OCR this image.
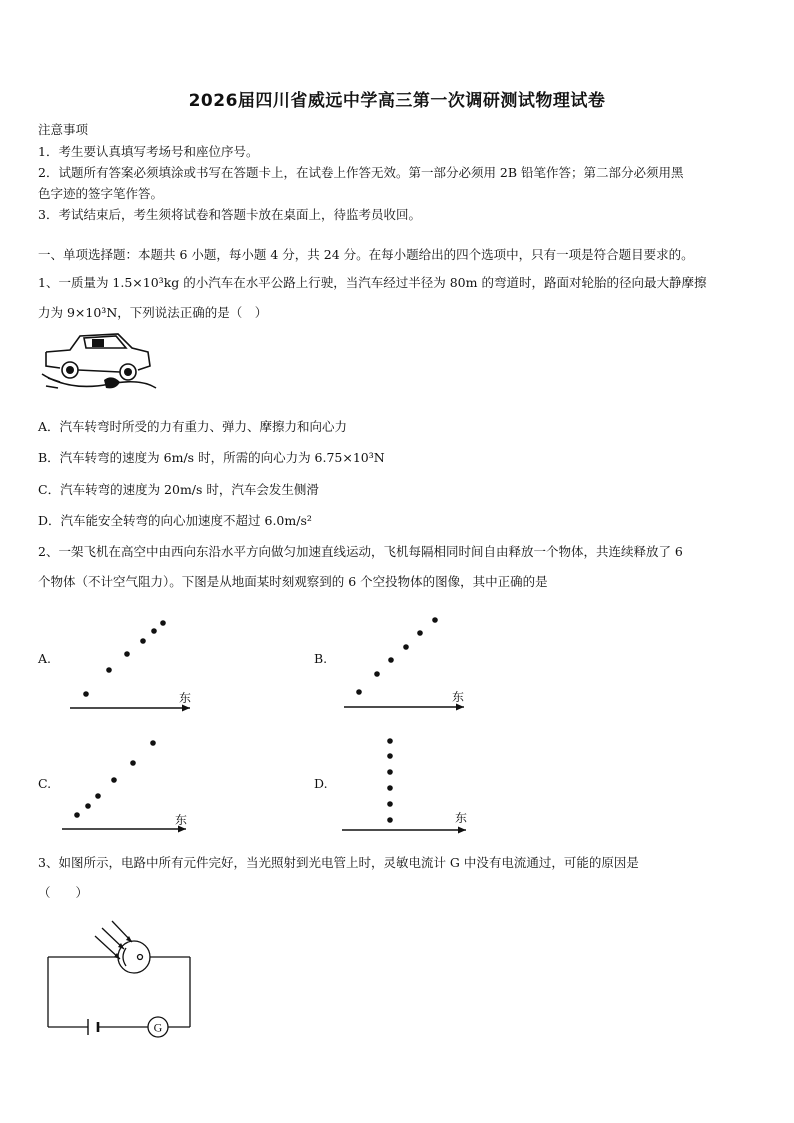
2026届四川省威远中学高三第一次调研测试物理试卷
注意事项
1．考生要认真填写考场号和座位序号。
2．试题所有答案必须填涂或书写在答题卡上，在试卷上作答无效。第一部分必须用 2B 铅笔作答；第二部分必须用黑
色字迹的签字笔作答。
3．考试结束后，考生须将试卷和答题卡放在桌面上，待监考员收回。
一、单项选择题：本题共 6 小题，每小题 4 分，共 24 分。在每小题给出的四个选项中，只有一项是符合题目要求的。
1、一质量为 1.5×10³kg 的小汽车在水平公路上行驶，当汽车经过半径为 80m 的弯道时，路面对轮胎的径向最大静摩擦
力为 9×10³N，下列说法正确的是（　）
A．汽车转弯时所受的力有重力、弹力、摩擦力和向心力
B．汽车转弯的速度为 6m/s 时，所需的向心力为 6.75×10³N
C．汽车转弯的速度为 20m/s 时，汽车会发生侧滑
D．汽车能安全转弯的向心加速度不超过 6.0m/s²
2、一架飞机在高空中由西向东沿水平方向做匀加速直线运动，飞机每隔相同时间自由释放一个物体，共连续释放了 6
个物体（不计空气阻力）。下图是从地面某时刻观察到的 6 个空投物体的图像，其中正确的是
A.
东
B.
东
C.
东
D.
东
3、如图所示，电路中所有元件完好，当光照射到光电管上时，灵敏电流计 G 中没有电流通过，可能的原因是
（　　）
G
